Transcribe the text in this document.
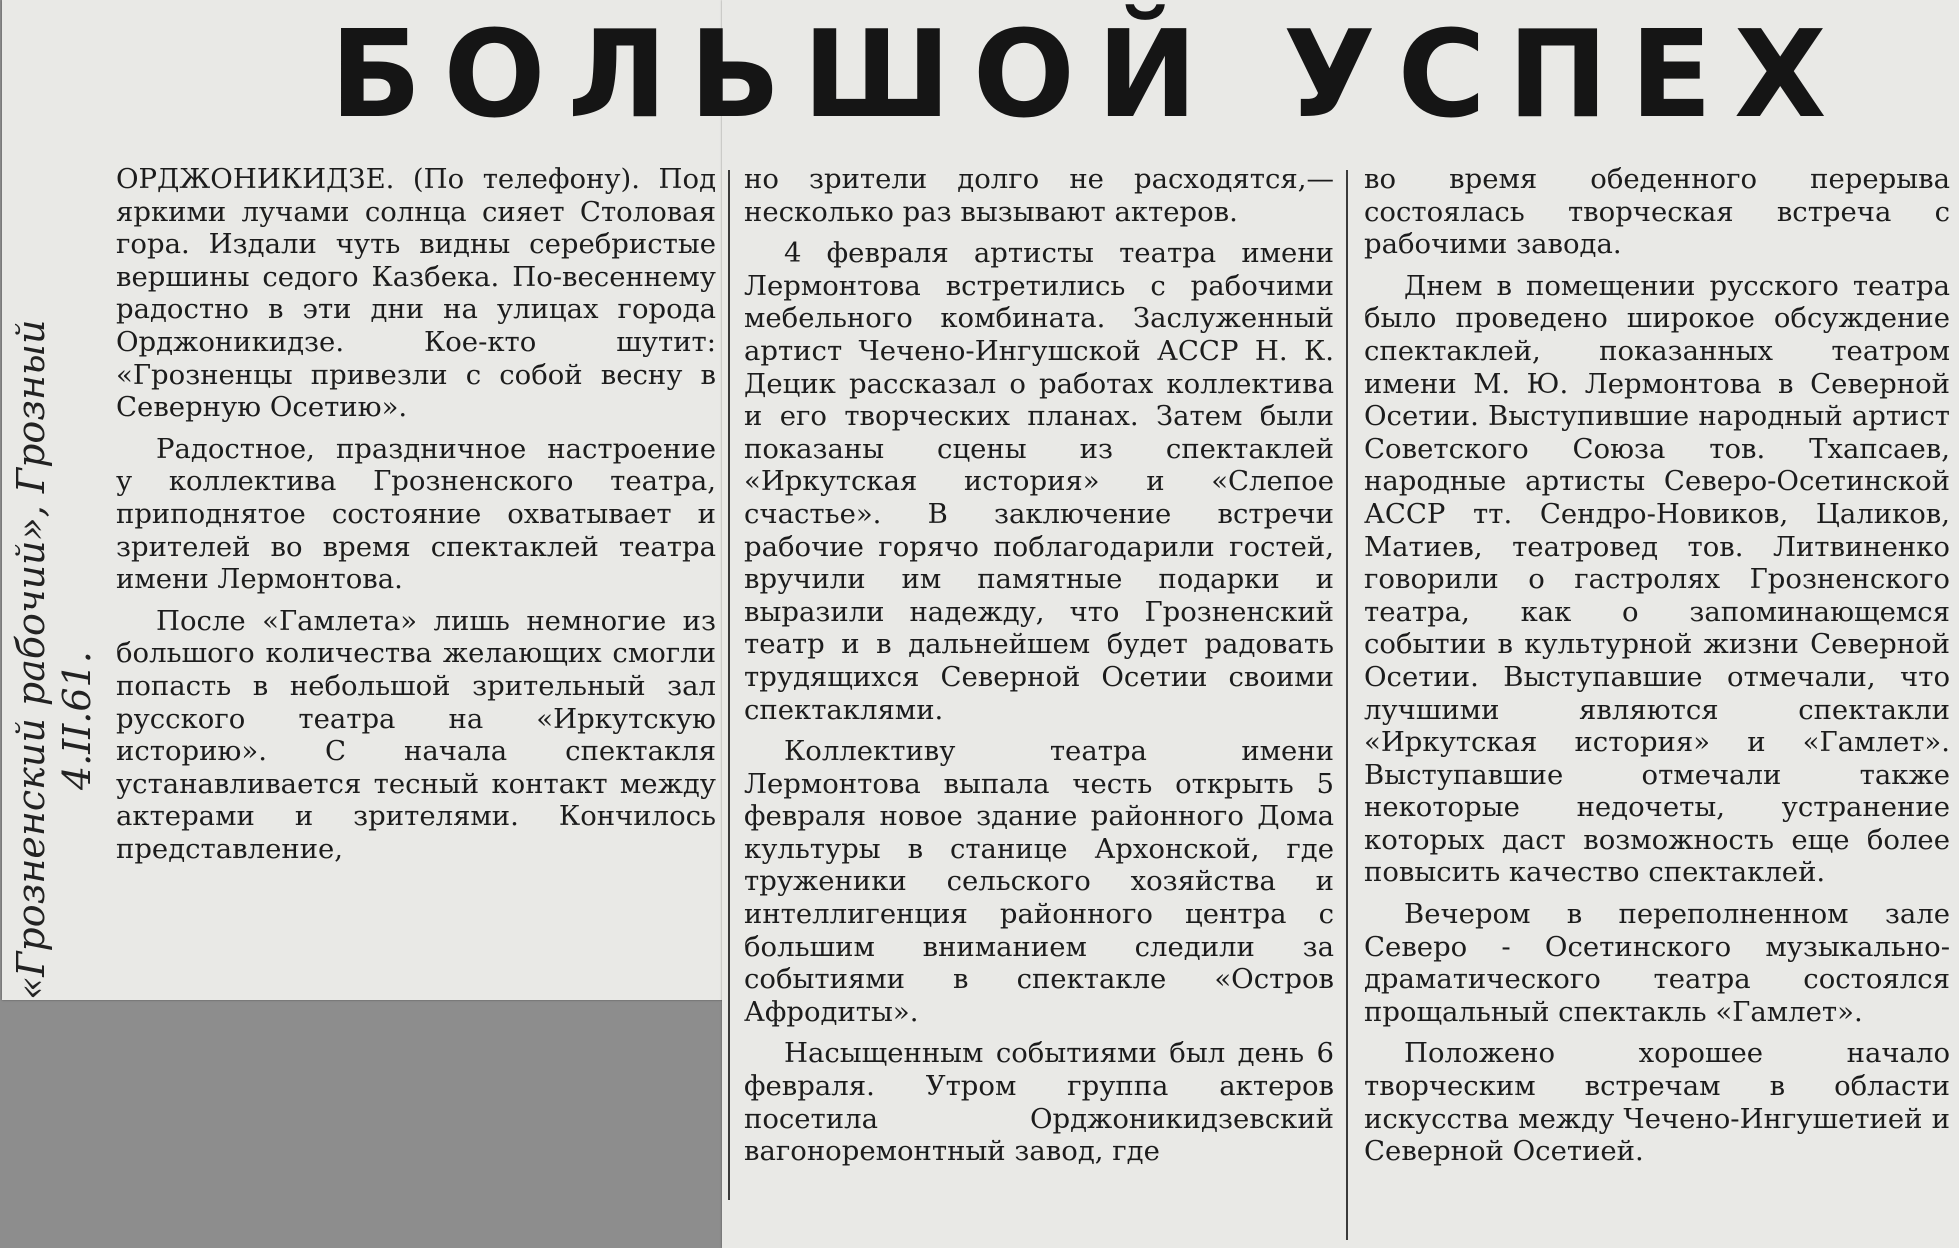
БОЛЬШОЙ УСПЕХ
«Грозненский рабочий», Грозный 4.II.61.

ОРДЖОНИКИДЗЕ. (По телефону). Под яркими лучами солнца сияет Столовая гора. Издали чуть видны серебристые вершины седого Казбека. По-весеннему радостно в эти дни на улицах города Орджоникидзе. Кое-кто шутит: «Грозненцы привезли с собой весну в Северную Осетию».

Радостное, праздничное настроение у коллектива Грозненского театра, приподнятое состояние охватывает и зрителей во время спектаклей театра имени Лермонтова.

После «Гамлета» лишь немногие из большого количества желающих смогли попасть в небольшой зрительный зал русского театра на «Иркутскую историю». С начала спектакля устанавливается тесный контакт между актерами и зрителями. Кончилось представление,

но зрители долго не расходятся,— несколько раз вызывают актеров.

4 февраля артисты театра имени Лермонтова встретились с рабочими мебельного комбината. Заслуженный артист Чечено-Ингушской АССР Н. К. Децик рассказал о работах коллектива и его творческих планах. Затем были показаны сцены из спектаклей «Иркутская история» и «Слепое счастье». В заключение встречи рабочие горячо поблагодарили гостей, вручили им памятные подарки и выразили надежду, что Грозненский театр и в дальнейшем будет радовать трудящихся Северной Осетии своими спектаклями.

Коллективу театра имени Лермонтова выпала честь открыть 5 февраля новое здание районного Дома культуры в станице Архонской, где труженики сельского хозяйства и интеллигенция районного центра с большим вниманием следили за событиями в спектакле «Остров Афродиты».

Насыщенным событиями был день 6 февраля. Утром группа актеров посетила Орджоникидзевский вагоноремонтный завод, где

во время обеденного перерыва состоялась творческая встреча с рабочими завода.

Днем в помещении русского театра было проведено широкое обсуждение спектаклей, показанных театром имени М. Ю. Лермонтова в Северной Осетии. Выступившие народный артист Советского Союза тов. Тхапсаев, народные артисты Северо-Осетинской АССР тт. Сендро-Новиков, Цаликов, Матиев, театровед тов. Литвиненко говорили о гастролях Грозненского театра, как о запоминающемся событии в культурной жизни Северной Осетии. Выступавшие отмечали, что лучшими являются спектакли «Иркутская история» и «Гамлет». Выступавшие отмечали также некоторые недочеты, устранение которых даст возможность еще более повысить качество спектаклей.

Вечером в переполненном зале Северо - Осетинского музыкально-драматического театра состоялся прощальный спектакль «Гамлет».

Положено хорошее начало творческим встречам в области искусства между Чечено-Ингушетией и Северной Осетией.
